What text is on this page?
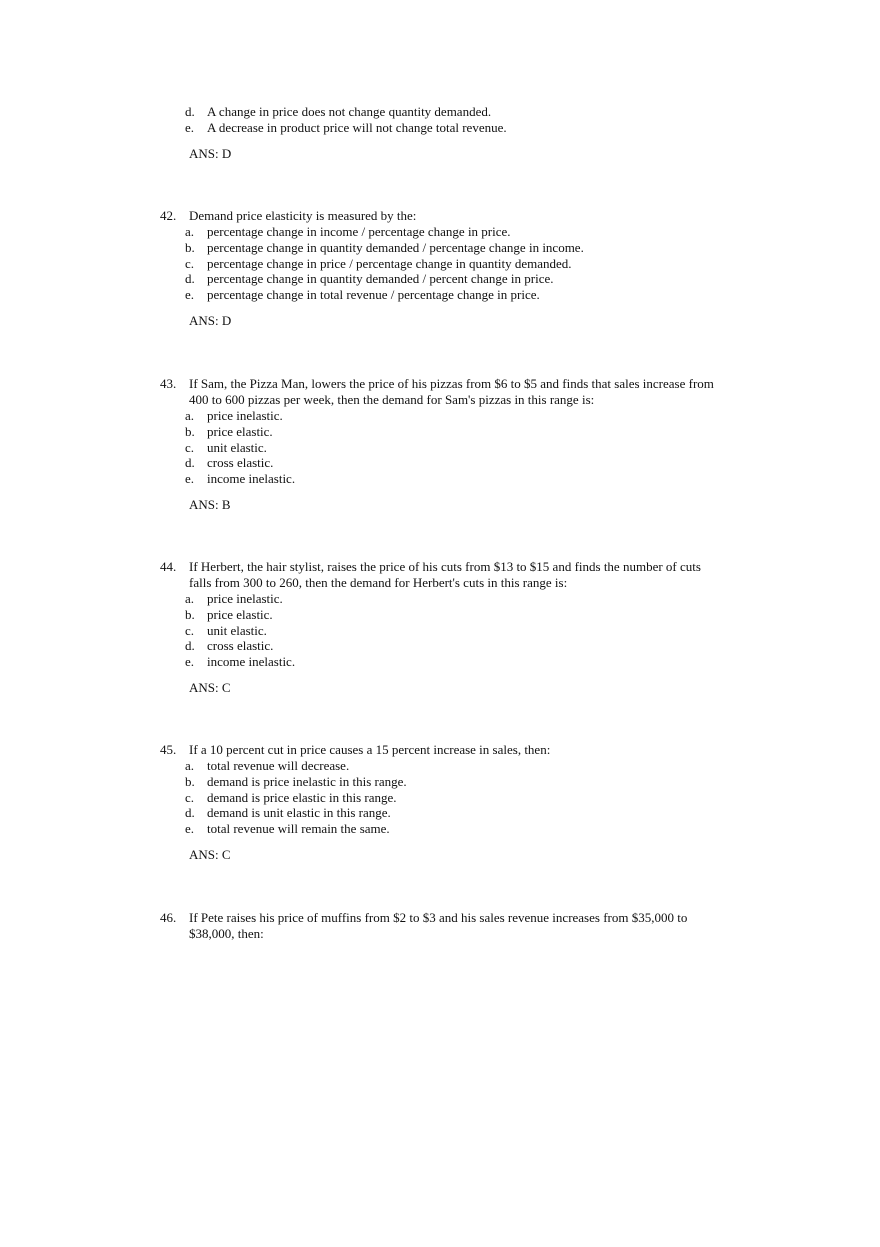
d. A change in price does not change quantity demanded.
e. A decrease in product price will not change total revenue.
ANS: D
42. Demand price elasticity is measured by the:
a. percentage change in income / percentage change in price.
b. percentage change in quantity demanded / percentage change in income.
c. percentage change in price / percentage change in quantity demanded.
d. percentage change in quantity demanded / percent change in price.
e. percentage change in total revenue / percentage change in price.
ANS: D
43. If Sam, the Pizza Man, lowers the price of his pizzas from $6 to $5 and finds that sales increase from
400 to 600 pizzas per week, then the demand for Sam's pizzas in this range is:
a. price inelastic.
b. price elastic.
c. unit elastic.
d. cross elastic.
e. income inelastic.
ANS: B
44. If Herbert, the hair stylist, raises the price of his cuts from $13 to $15 and finds the number of cuts
falls from 300 to 260, then the demand for Herbert's cuts in this range is:
a. price inelastic.
b. price elastic.
c. unit elastic.
d. cross elastic.
e. income inelastic.
ANS: C
45. If a 10 percent cut in price causes a 15 percent increase in sales, then:
a. total revenue will decrease.
b. demand is price inelastic in this range.
c. demand is price elastic in this range.
d. demand is unit elastic in this range.
e. total revenue will remain the same.
ANS: C
46. If Pete raises his price of muffins from $2 to $3 and his sales revenue increases from $35,000 to
$38,000, then:
